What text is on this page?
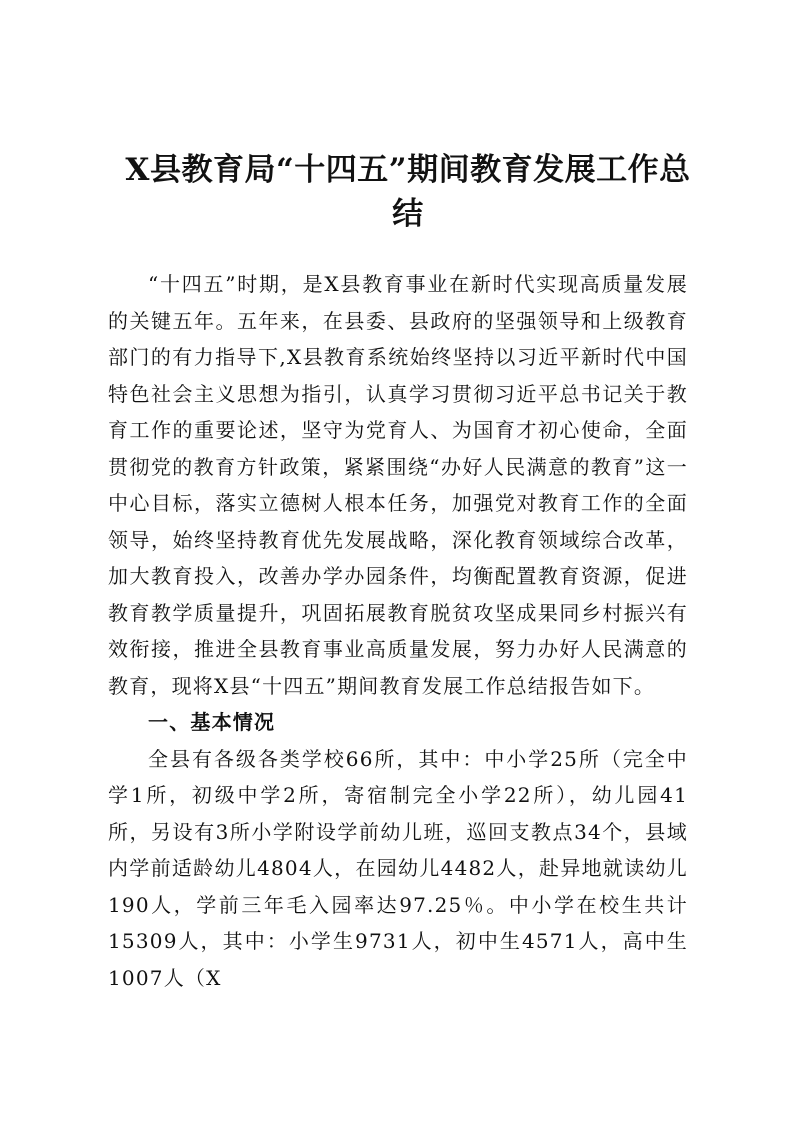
X县教育局“十四五”期间教育发展工作总结

“十四五”时期，是X县教育事业在新时代实现高质量发展的关键五年。五年来，在县委、县政府的坚强领导和上级教育部门的有力指导下,X县教育系统始终坚持以习近平新时代中国特色社会主义思想为指引，认真学习贯彻习近平总书记关于教育工作的重要论述，坚守为党育人、为国育才初心使命，全面贯彻党的教育方针政策，紧紧围绕“办好人民满意的教育”这一中心目标，落实立德树人根本任务，加强党对教育工作的全面领导，始终坚持教育优先发展战略，深化教育领域综合改革，加大教育投入，改善办学办园条件，均衡配置教育资源，促进教育教学质量提升，巩固拓展教育脱贫攻坚成果同乡村振兴有效衔接，推进全县教育事业高质量发展，努力办好人民满意的教育，现将X县“十四五”期间教育发展工作总结报告如下。

一、基本情况

全县有各级各类学校66所，其中：中小学25所（完全中学1所，初级中学2所，寄宿制完全小学22所），幼儿园41所，另设有3所小学附设学前幼儿班，巡回支教点34个，县域内学前适龄幼儿4804人，在园幼儿4482人，赴异地就读幼儿190人，学前三年毛入园率达97.25％。中小学在校生共计15309人，其中：小学生9731人，初中生4571人，高中生1007人（X
